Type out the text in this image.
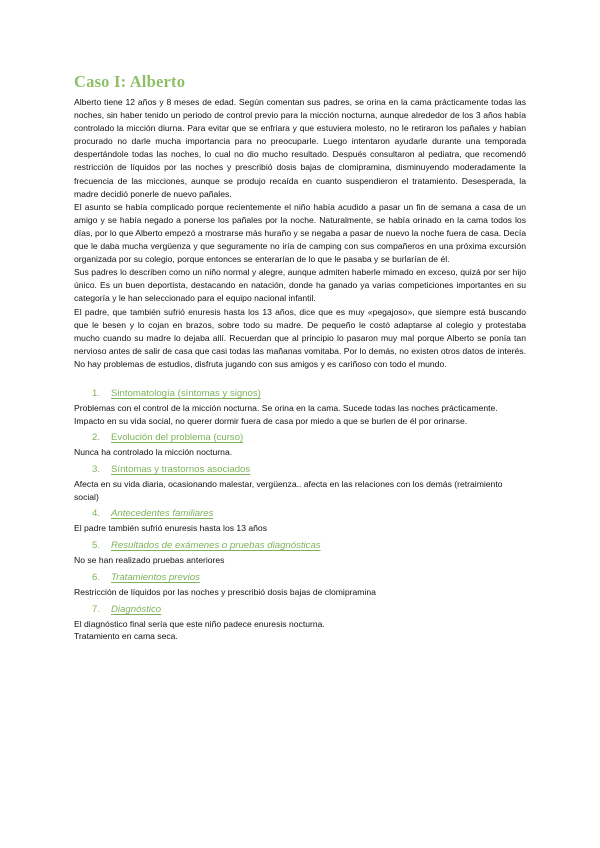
Caso I: Alberto

Alberto tiene 12 años y 8 meses de edad. Según comentan sus padres, se orina en la cama prácticamente todas las noches, sin haber tenido un periodo de control previo para la micción nocturna, aunque alrededor de los 3 años había controlado la micción diurna. Para evitar que se enfriara y que estuviera molesto, no le retiraron los pañales y habían procurado no darle mucha importancia para no preocuparle. Luego intentaron ayudarle durante una temporada despertándole todas las noches, lo cual no dio mucho resultado. Después consultaron al pediatra, que recomendó restricción de líquidos por las noches y prescribió dosis bajas de clomipramina, disminuyendo moderadamente la frecuencia de las micciones, aunque se produjo recaída en cuanto suspendieron el tratamiento. Desesperada, la madre decidió ponerle de nuevo pañales.

El asunto se había complicado porque recientemente el niño había acudido a pasar un fin de semana a casa de un amigo y se había negado a ponerse los pañales por la noche. Naturalmente, se había orinado en la cama todos los días, por lo que Alberto empezó a mostrarse más huraño y se negaba a pasar de nuevo la noche fuera de casa. Decía que le daba mucha vergüenza y que seguramente no iría de camping con sus compañeros en una próxima excursión organizada por su colegio, porque entonces se enterarían de lo que le pasaba y se burlarían de él.

Sus padres lo describen como un niño normal y alegre, aunque admiten haberle mimado en exceso, quizá por ser hijo único. Es un buen deportista, destacando en natación, donde ha ganado ya varias competiciones importantes en su categoría y le han seleccionado para el equipo nacional infantil.

El padre, que también sufrió enuresis hasta los 13 años, dice que es muy «pegajoso», que siempre está buscando que le besen y lo cojan en brazos, sobre todo su madre. De pequeño le costó adaptarse al colegio y protestaba mucho cuando su madre lo dejaba allí. Recuerdan que al principio lo pasaron muy mal porque Alberto se ponía tan nervioso antes de salir de casa que casi todas las mañanas vomitaba. Por lo demás, no existen otros datos de interés. No hay problemas de estudios, disfruta jugando con sus amigos y es cariñoso con todo el mundo.

1.	Sintomatología (síntomas y signos)

Problemas con el control de la micción nocturna. Se orina en la cama. Sucede todas las noches prácticamente.

Impacto en su vida social, no querer dormir fuera de casa por miedo a que se burlen de él por orinarse.

2.	Evolución del problema (curso)

Nunca ha controlado la micción nocturna.

3.	Síntomas y trastornos asociados

Afecta en su vida diaria, ocasionando malestar, vergüenza.. afecta en las relaciones con los demás (retraimiento social)

4.	Antecedentes familiares

El padre también sufrió enuresis hasta los 13 años

5.	Resultados de exámenes o pruebas diagnósticas

No se han realizado pruebas anteriores

6.	Tratamientos previos

Restricción de líquidos por las noches y prescribió dosis bajas de clomipramina

7.	Diagnóstico

El diagnóstico final sería que este niño padece enuresis nocturna.

Tratamiento en cama seca.
